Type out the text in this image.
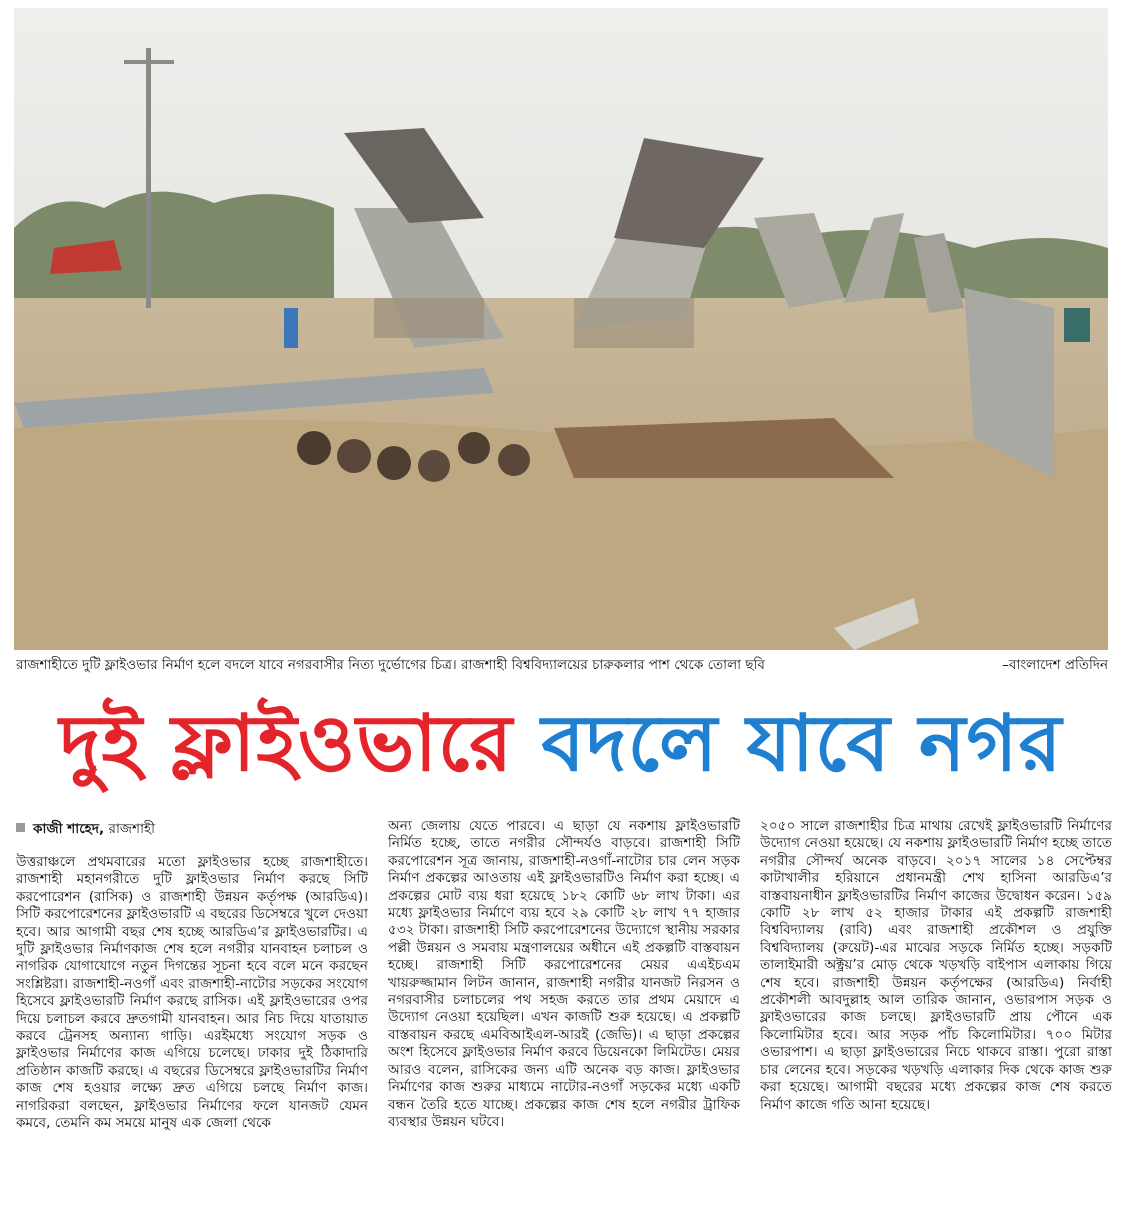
রাজশাহীতে দুটি ফ্লাইওভার নির্মাণ হলে বদলে যাবে নগরবাসীর নিত্য দুর্ভোগের চিত্র। রাজশাহী বিশ্ববিদ্যালয়ের চারুকলার পাশ থেকে তোলা ছবি	–বাংলাদেশ প্রতিদিন
দুই ফ্লাইওভারে বদলে যাবে নগর
কাজী শাহেদ, রাজশাহী

উত্তরাঞ্চলে প্রথমবারের মতো ফ্লাইওভার হচ্ছে রাজশাহীতে। রাজশাহী মহানগরীতে দুটি ফ্লাইওভার নির্মাণ করছে সিটি করপোরেশন (রাসিক) ও রাজশাহী উন্নয়ন কর্তৃপক্ষ (আরডিএ)। সিটি করপোরেশনের ফ্লাইওভারটি এ বছরের ডিসেম্বরে খুলে দেওয়া হবে। আর আগামী বছর শেষ হচ্ছে আরডিএ’র ফ্লাইওভারটির। এ দুটি ফ্লাইওভার নির্মাণকাজ শেষ হলে নগরীর যানবাহন চলাচল ও নাগরিক যোগাযোগে নতুন দিগন্তের সূচনা হবে বলে মনে করছেন সংশ্লিষ্টরা। রাজশাহী-নওগাঁ এবং রাজশাহী-নাটোর সড়কের সংযোগ হিসেবে ফ্লাইওভারটি নির্মাণ করছে রাসিক। এই ফ্লাইওভারের ওপর দিয়ে চলাচল করবে দ্রুতগামী যানবাহন। আর নিচ দিয়ে যাতায়াত করবে ট্রেনসহ অন্যান্য গাড়ি। এরইমধ্যে সংযোগ সড়ক ও ফ্লাইওভার নির্মাণের কাজ এগিয়ে চলেছে। ঢাকার দুই ঠিকাদারি প্রতিষ্ঠান কাজটি করছে। এ বছরের ডিসেম্বরে ফ্লাইওভারটির নির্মাণ কাজ শেষ হওয়ার লক্ষ্যে দ্রুত এগিয়ে চলছে নির্মাণ কাজ। নাগরিকরা বলছেন, ফ্লাইওভার নির্মাণের ফলে যানজট যেমন কমবে, তেমনি কম সময়ে মানুষ এক জেলা থেকে

অন্য জেলায় যেতে পারবে। এ ছাড়া যে নকশায় ফ্লাইওভারটি নির্মিত হচ্ছে, তাতে নগরীর সৌন্দর্যও বাড়বে। রাজশাহী সিটি করপোরেশন সূত্র জানায়, রাজশাহী-নওগাঁ-নাটোর চার লেন সড়ক নির্মাণ প্রকল্পের আওতায় এই ফ্লাইওভারটিও নির্মাণ করা হচ্ছে। এ প্রকল্পের মোট ব্যয় ধরা হয়েছে ১৮২ কোটি ৬৮ লাখ টাকা। এর মধ্যে ফ্লাইওভার নির্মাণে ব্যয় হবে ২৯ কোটি ২৮ লাখ ৭৭ হাজার ৫৩২ টাকা। রাজশাহী সিটি করপোরেশনের উদ্যোগে স্থানীয় সরকার পল্লী উন্নয়ন ও সমবায় মন্ত্রণালয়ের অধীনে এই প্রকল্পটি বাস্তবায়ন হচ্ছে। রাজশাহী সিটি করপোরেশনের মেয়র এএইচএম খায়রুজ্জামান লিটন জানান, রাজশাহী নগরীর যানজট নিরসন ও নগরবাসীর চলাচলের পথ সহজ করতে তার প্রথম মেয়াদে এ উদ্যোগ নেওয়া হয়েছিল। এখন কাজটি শুরু হয়েছে। এ প্রকল্পটি বাস্তবায়ন করছে এমবিআইএল-আরই (জেভি)। এ ছাড়া প্রকল্পের অংশ হিসেবে ফ্লাইওভার নির্মাণ করবে ডিয়েনকো লিমিটেড। মেয়র আরও বলেন, রাসিকের জন্য এটি অনেক বড় কাজ। ফ্লাইওভার নির্মাণের কাজ শুরুর মাধ্যমে নাটোর-নওগাঁ সড়কের মধ্যে একটি বন্ধন তৈরি হতে যাচ্ছে। প্রকল্পের কাজ শেষ হলে নগরীর ট্রাফিক ব্যবস্থার উন্নয়ন ঘটবে।

২০৫০ সালে রাজশাহীর চিত্র মাথায় রেখেই ফ্লাইওভারটি নির্মাণের উদ্যোগ নেওয়া হয়েছে। যে নকশায় ফ্লাইওভারটি নির্মাণ হচ্ছে তাতে নগরীর সৌন্দর্য অনেক বাড়বে। ২০১৭ সালের ১৪ সেপ্টেম্বর কাটাখালীর হরিয়ানে প্রধানমন্ত্রী শেখ হাসিনা আরডিএ’র বাস্তবায়নাধীন ফ্লাইওভারটির নির্মাণ কাজের উদ্বোধন করেন। ১৫৯ কোটি ২৮ লাখ ৫২ হাজার টাকার এই প্রকল্পটি রাজশাহী বিশ্ববিদ্যালয় (রাবি) এবং রাজশাহী প্রকৌশল ও প্রযুক্তি বিশ্ববিদ্যালয় (রুয়েট)-এর মাঝের সড়কে নির্মিত হচ্ছে। সড়কটি তালাইমারী অক্ট্রয়’র মোড় থেকে খড়খড়ি বাইপাস এলাকায় গিয়ে শেষ হবে। রাজশাহী উন্নয়ন কর্তৃপক্ষের (আরডিএ) নির্বাহী প্রকৌশলী আবদুল্লাহ আল তারিক জানান, ওভারপাস সড়ক ও ফ্লাইওভারের কাজ চলছে। ফ্লাইওভারটি প্রায় পৌনে এক কিলোমিটার হবে। আর সড়ক পাঁচ কিলোমিটার। ৭০০ মিটার ওভারপাশ। এ ছাড়া ফ্লাইওভারের নিচে থাকবে রাস্তা। পুরো রাস্তা চার লেনের হবে। সড়কের খড়খড়ি এলাকার দিক থেকে কাজ শুরু করা হয়েছে। আগামী বছরের মধ্যে প্রকল্পের কাজ শেষ করতে নির্মাণ কাজে গতি আনা হয়েছে।
